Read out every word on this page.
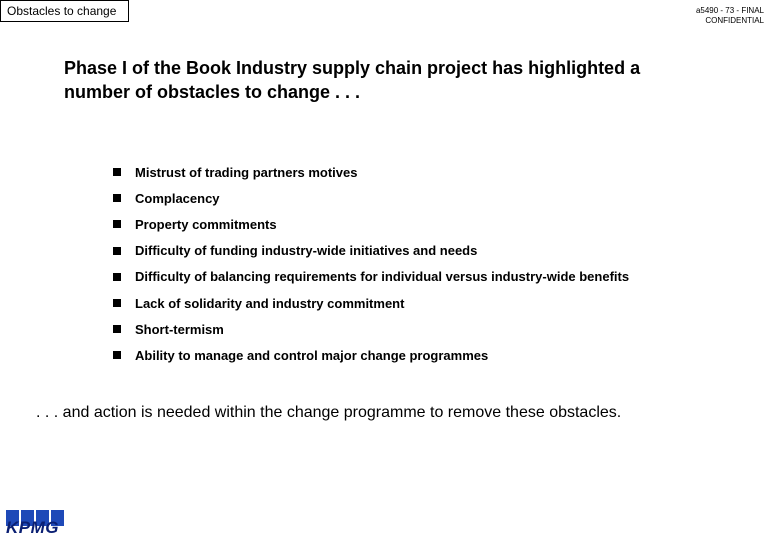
Obstacles to change	a5490 - 73 - FINAL
CONFIDENTIAL
Phase I of the Book Industry supply chain project has highlighted a
number of obstacles to change . . .
Mistrust of trading partners motives
Complacency
Property commitments
Difficulty of funding industry-wide initiatives and needs
Difficulty of balancing requirements for individual versus industry-wide benefits
Lack of solidarity and industry commitment
Short-termism
Ability to manage and control major change programmes

. . . and action is needed within the change programme to remove these obstacles.

KPMG
